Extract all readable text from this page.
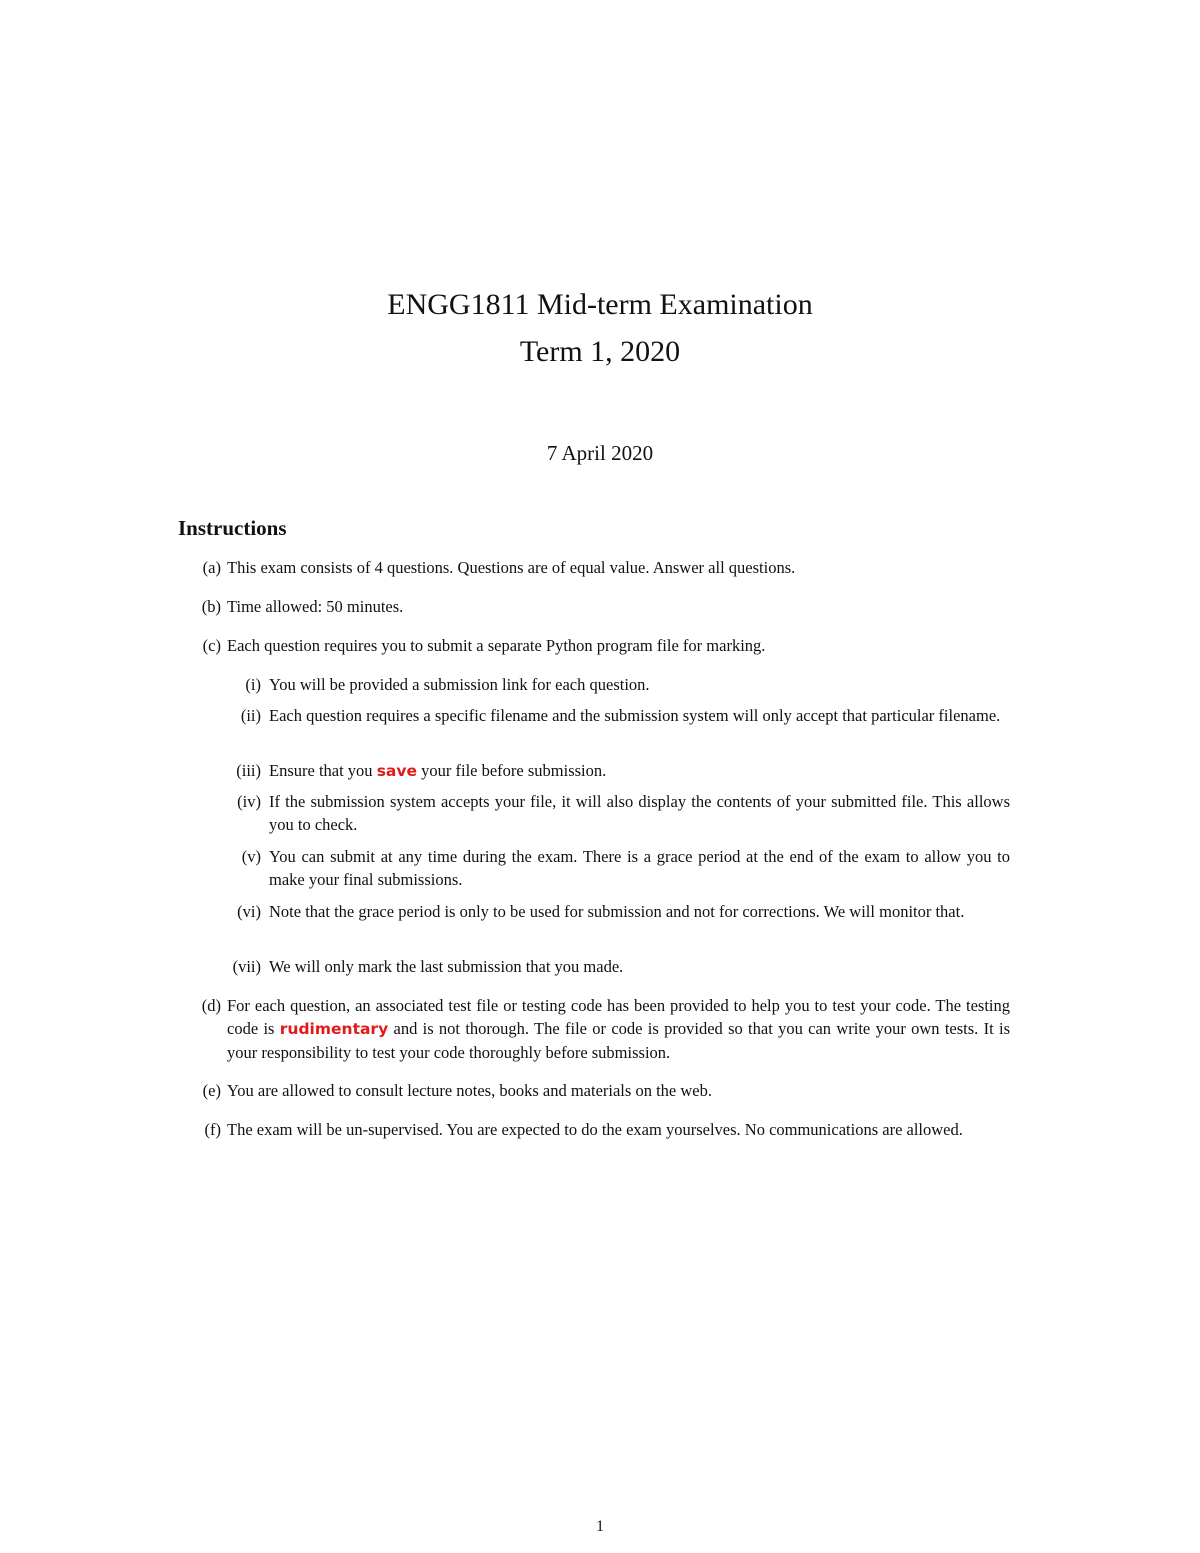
ENGG1811 Mid-term Examination
Term 1, 2020
7 April 2020
Instructions
(a) This exam consists of 4 questions. Questions are of equal value. Answer all questions.
(b) Time allowed: 50 minutes.
(c) Each question requires you to submit a separate Python program file for marking.
(i) You will be provided a submission link for each question.
(ii) Each question requires a specific filename and the submission system will only accept that particular filename.
(iii) Ensure that you save your file before submission.
(iv) If the submission system accepts your file, it will also display the contents of your submitted file. This allows you to check.
(v) You can submit at any time during the exam. There is a grace period at the end of the exam to allow you to make your final submissions.
(vi) Note that the grace period is only to be used for submission and not for corrections. We will monitor that.
(vii) We will only mark the last submission that you made.
(d) For each question, an associated test file or testing code has been provided to help you to test your code. The testing code is rudimentary and is not thorough. The file or code is provided so that you can write your own tests. It is your responsibility to test your code thoroughly before submission.
(e) You are allowed to consult lecture notes, books and materials on the web.
(f) The exam will be un-supervised. You are expected to do the exam yourselves. No communications are allowed.
1
